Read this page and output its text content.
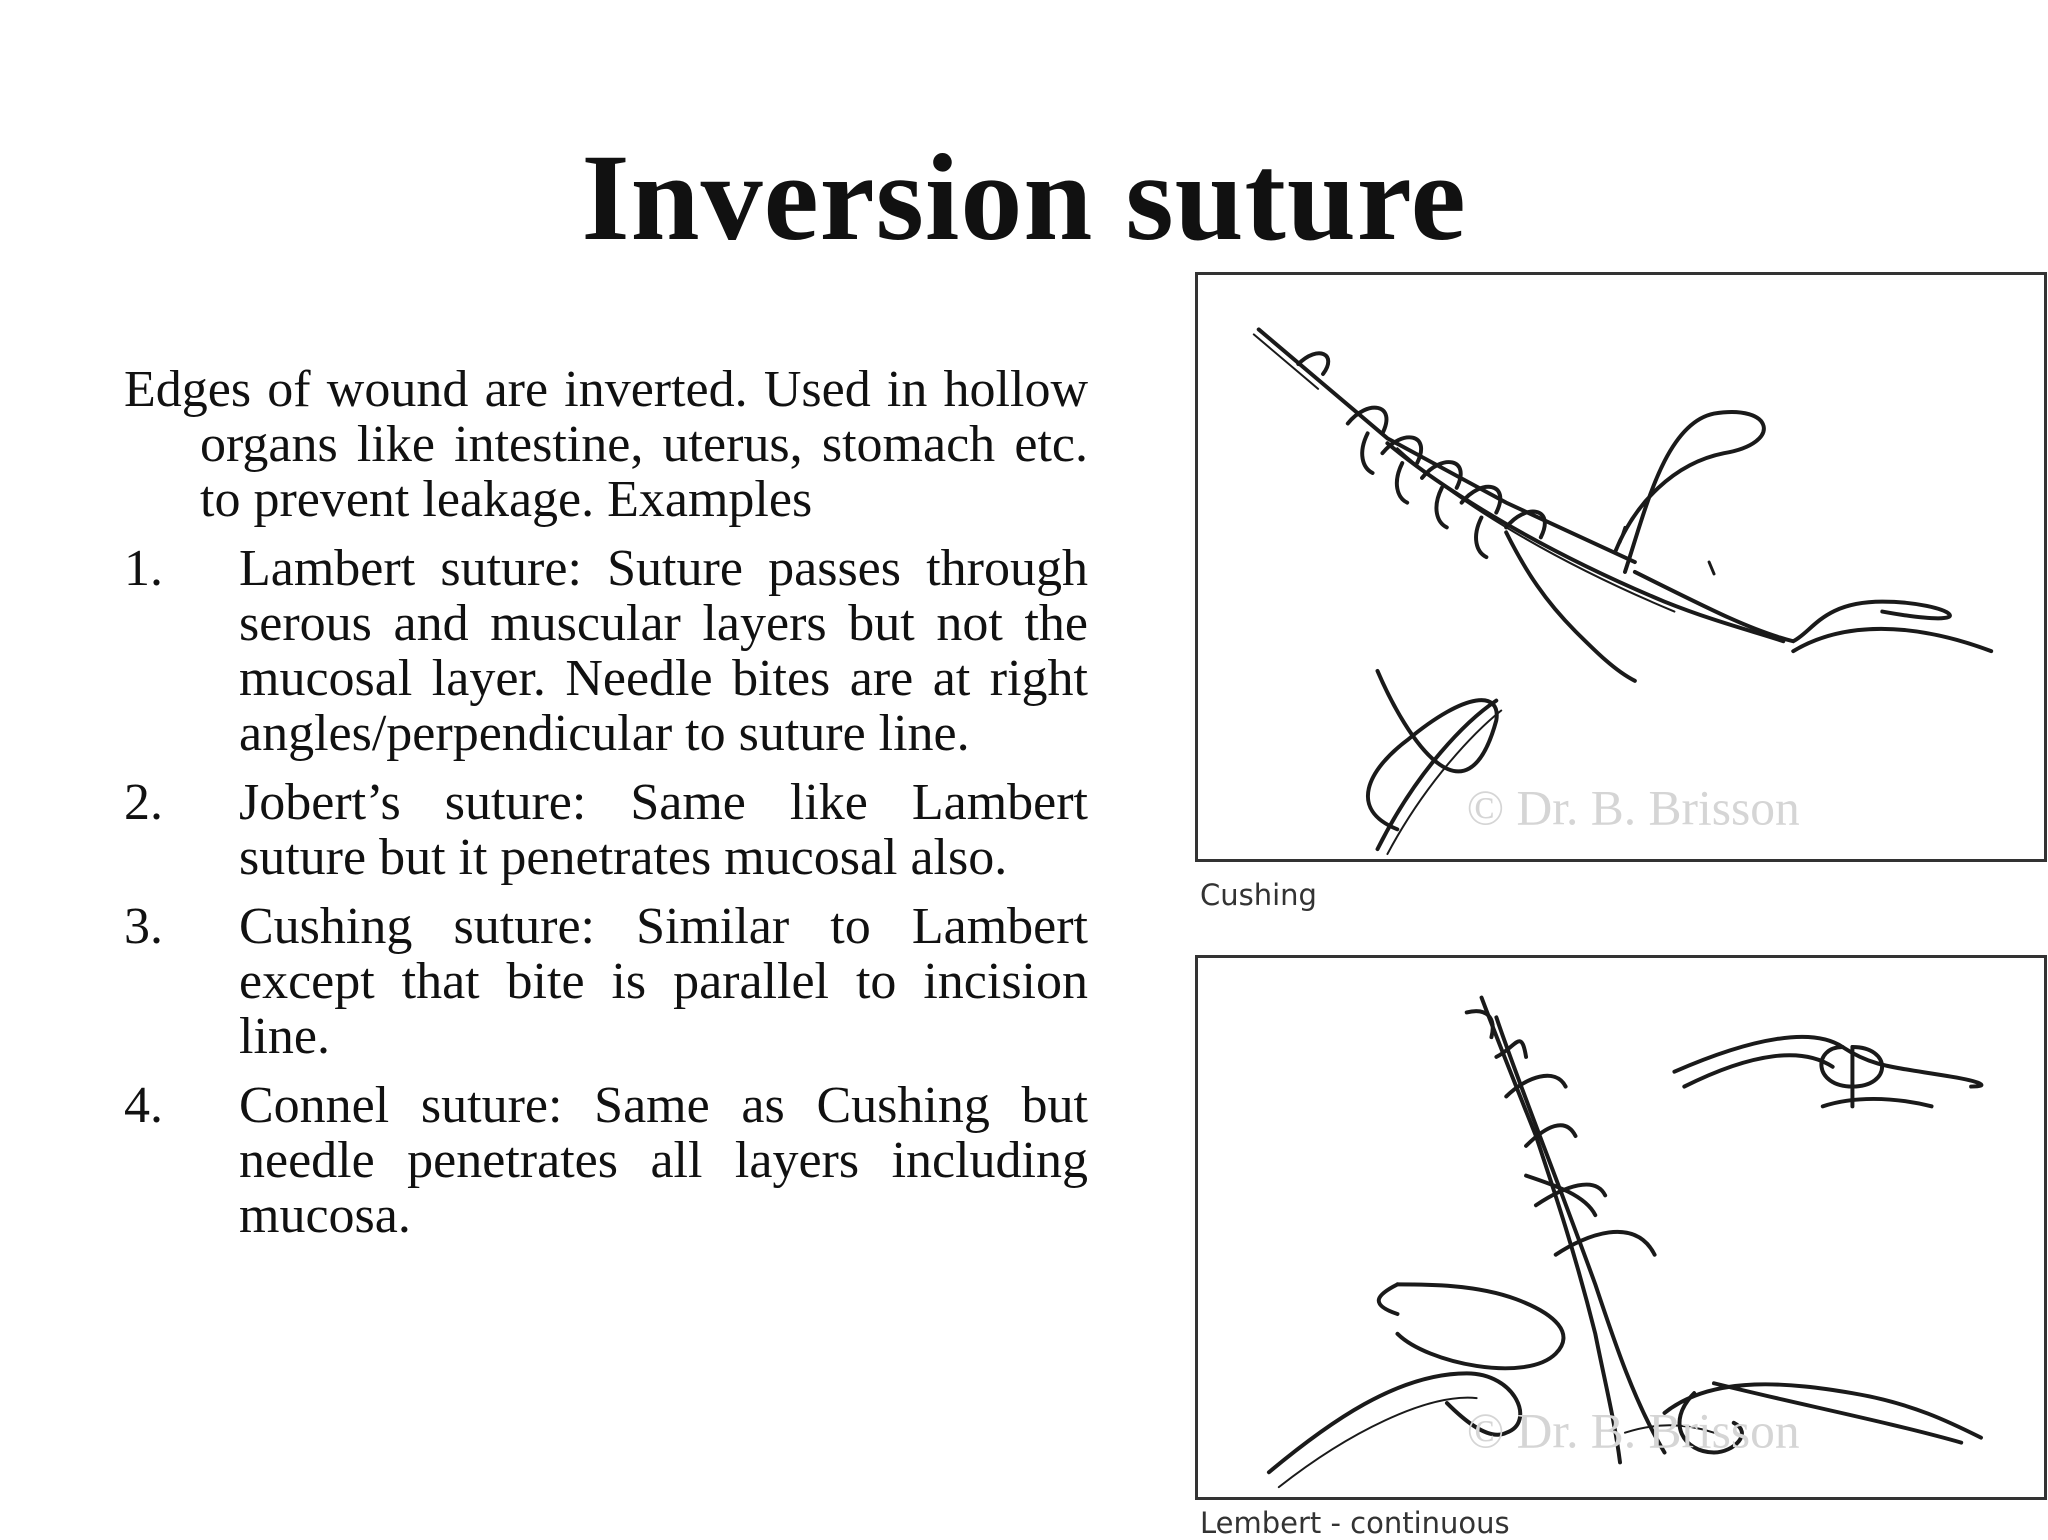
Inversion suture

Edges of wound are inverted. Used in hollow organs like intestine, uterus, stomach etc. to prevent leakage. Examples

1. Lambert suture: Suture passes through serous and muscular layers but not the mucosal layer. Needle bites are at right angles/perpendicular to suture line.
2. Jobert’s suture: Same like Lambert suture but it penetrates mucosal also.
3. Cushing suture: Similar to Lambert except that bite is parallel to incision line.
4. Connel suture: Same as Cushing but needle penetrates all layers including mucosa.
© Dr. B. Brisson
Cushing
© Dr. B. Brisson
Lembert - continuous
